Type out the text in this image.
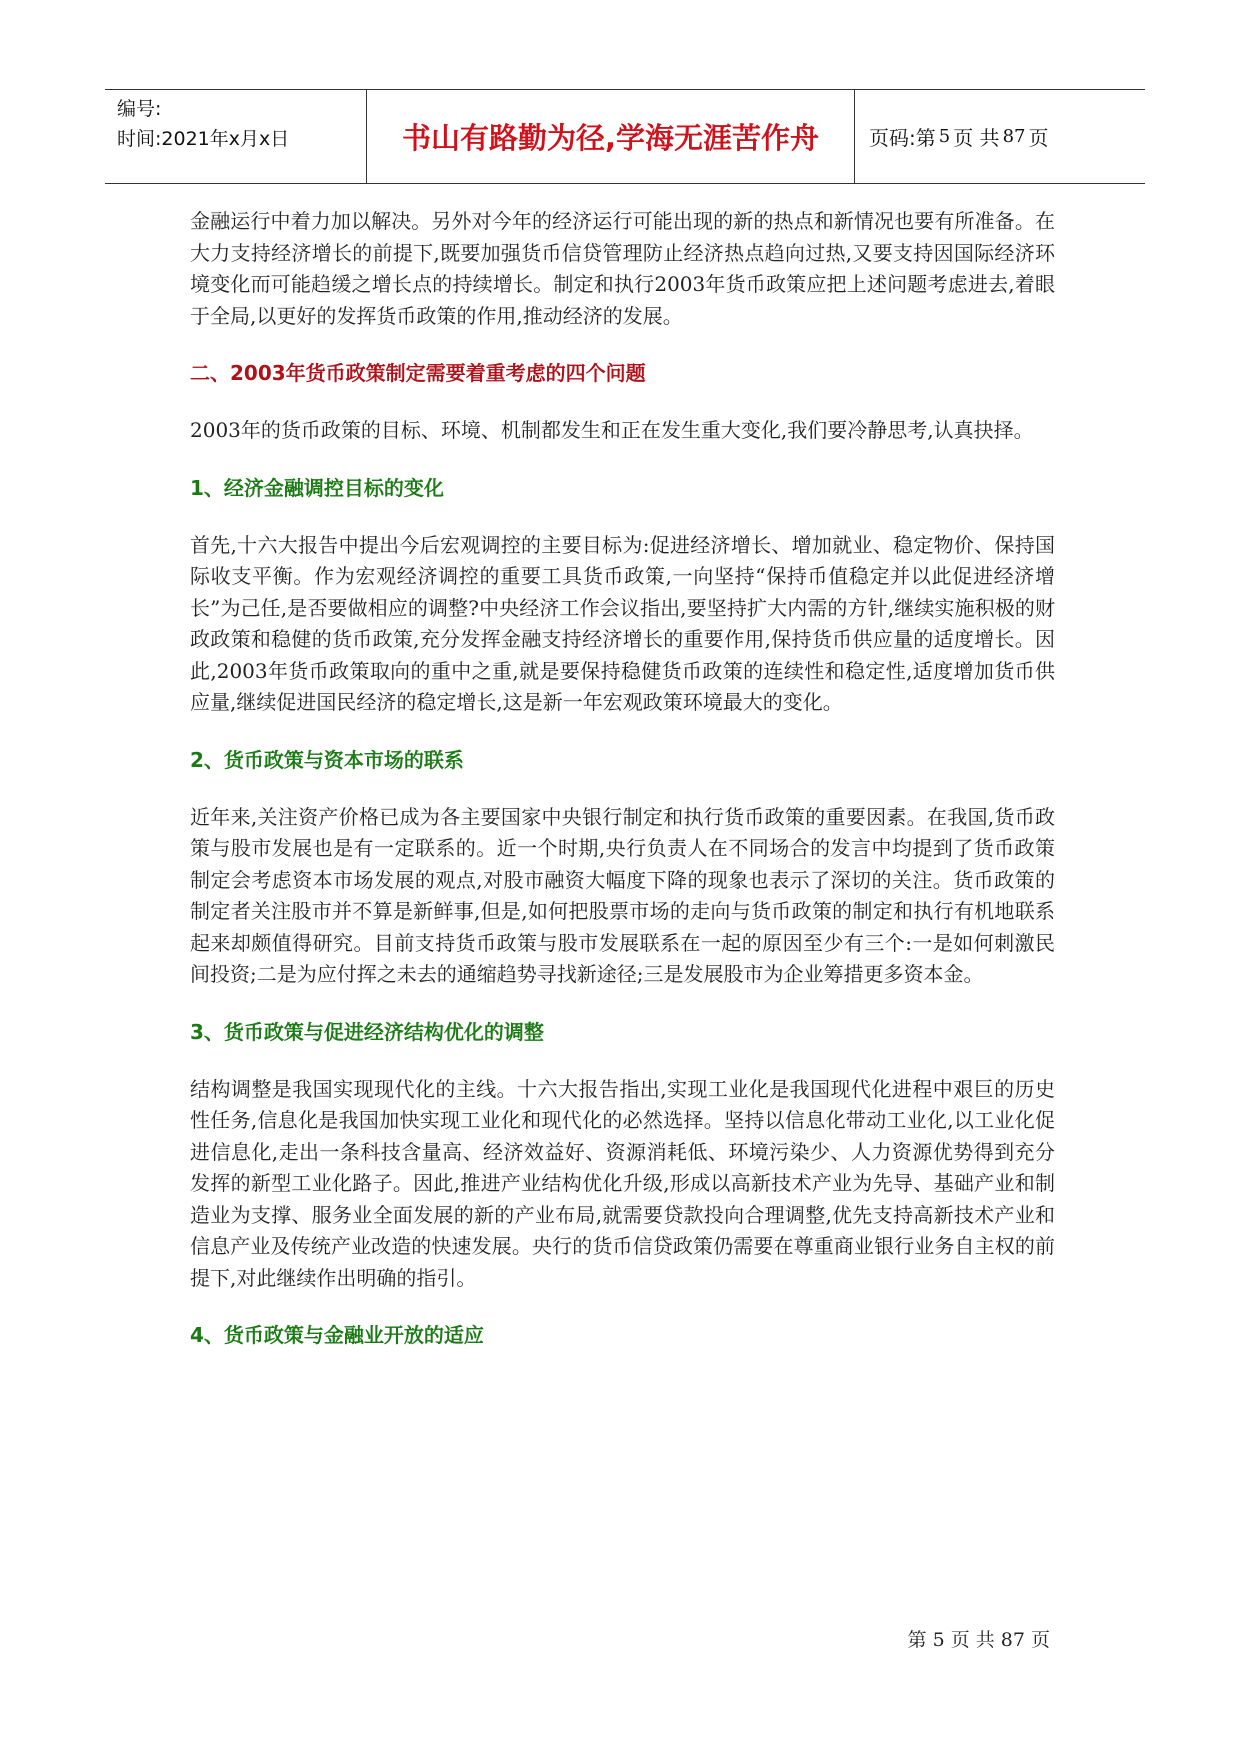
编号:
时间:2021年x月x日	书山有路勤为径,学海无涯苦作舟	页码:第 5 页 共 87 页

金融运行中着力加以解决。另外对今年的经济运行可能出现的新的热点和新情况也要有所准备。在大力支持经济增长的前提下,既要加强货币信贷管理防止经济热点趋向过热,又要支持因国际经济环境变化而可能趋缓之增长点的持续增长。制定和执行2003年货币政策应把上述问题考虑进去,着眼于全局,以更好的发挥货币政策的作用,推动经济的发展。

二、2003年货币政策制定需要着重考虑的四个问题

2003年的货币政策的目标、环境、机制都发生和正在发生重大变化,我们要冷静思考,认真抉择。

1、经济金融调控目标的变化

首先,十六大报告中提出今后宏观调控的主要目标为:促进经济增长、增加就业、稳定物价、保持国际收支平衡。作为宏观经济调控的重要工具货币政策,一向坚持“保持币值稳定并以此促进经济增长”为己任,是否要做相应的调整?中央经济工作会议指出,要坚持扩大内需的方针,继续实施积极的财政政策和稳健的货币政策,充分发挥金融支持经济增长的重要作用,保持货币供应量的适度增长。因此,2003年货币政策取向的重中之重,就是要保持稳健货币政策的连续性和稳定性,适度增加货币供应量,继续促进国民经济的稳定增长,这是新一年宏观政策环境最大的变化。

2、货币政策与资本市场的联系

近年来,关注资产价格已成为各主要国家中央银行制定和执行货币政策的重要因素。在我国,货币政策与股市发展也是有一定联系的。近一个时期,央行负责人在不同场合的发言中均提到了货币政策制定会考虑资本市场发展的观点,对股市融资大幅度下降的现象也表示了深切的关注。货币政策的制定者关注股市并不算是新鲜事,但是,如何把股票市场的走向与货币政策的制定和执行有机地联系起来却颇值得研究。目前支持货币政策与股市发展联系在一起的原因至少有三个:一是如何刺激民间投资;二是为应付挥之未去的通缩趋势寻找新途径;三是发展股市为企业筹措更多资本金。

3、货币政策与促进经济结构优化的调整

结构调整是我国实现现代化的主线。十六大报告指出,实现工业化是我国现代化进程中艰巨的历史性任务,信息化是我国加快实现工业化和现代化的必然选择。坚持以信息化带动工业化,以工业化促进信息化,走出一条科技含量高、经济效益好、资源消耗低、环境污染少、人力资源优势得到充分发挥的新型工业化路子。因此,推进产业结构优化升级,形成以高新技术产业为先导、基础产业和制造业为支撑、服务业全面发展的新的产业布局,就需要贷款投向合理调整,优先支持高新技术产业和信息产业及传统产业改造的快速发展。央行的货币信贷政策仍需要在尊重商业银行业务自主权的前提下,对此继续作出明确的指引。

4、货币政策与金融业开放的适应
第 5 页 共 87 页
